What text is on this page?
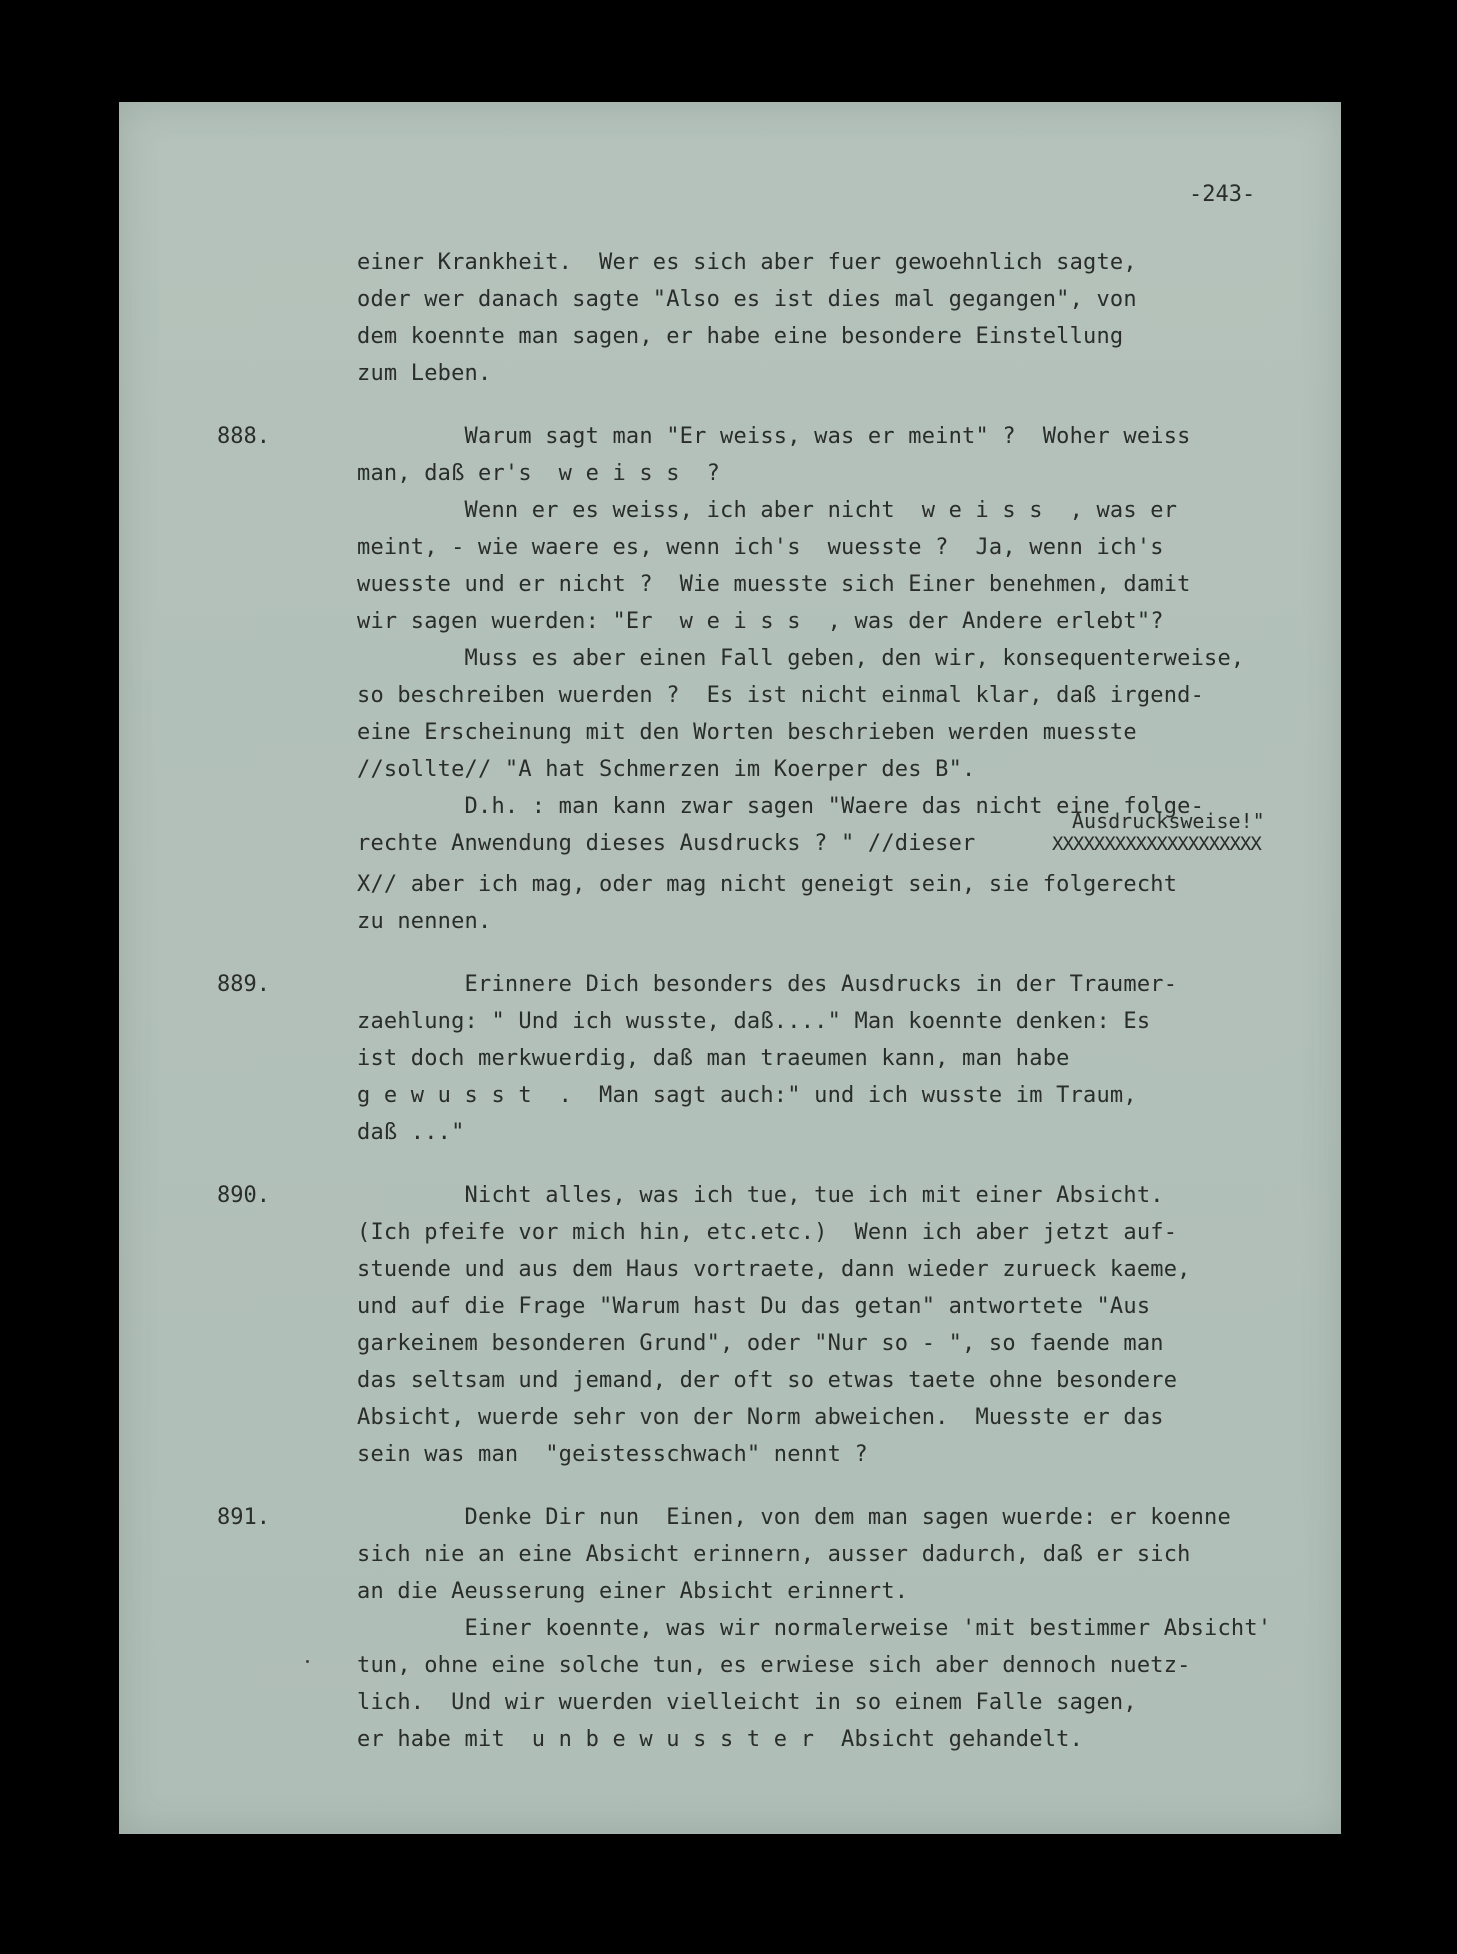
-243-
einer Krankheit.  Wer es sich aber fuer gewoehnlich sagte,
oder wer danach sagte "Also es ist dies mal gegangen", von
dem koennte man sagen, er habe eine besondere Einstellung
zum Leben.
888.	Warum sagt man "Er weiss, was er meint" ?  Woher weiss
man, daß er's  w e i s s  ?
Wenn er es weiss, ich aber nicht  w e i s s  , was er
meint, - wie waere es, wenn ich's  wuesste ?  Ja, wenn ich's
wuesste und er nicht ?  Wie muesste sich Einer benehmen, damit
wir sagen wuerden: "Er  w e i s s  , was der Andere erlebt"?
Muss es aber einen Fall geben, den wir, konsequenterweise,
so beschreiben wuerden ?  Es ist nicht einmal klar, daß irgend-
eine Erscheinung mit den Worten beschrieben werden muesste
//sollte// "A hat Schmerzen im Koerper des B".
D.h. : man kann zwar sagen "Waere das nicht eine folge-
Ausdrucksweise!"
rechte Anwendung dieses Ausdrucks ? " //dieser	XXXXXXXXXXXXXXXXXXXX
X// aber ich mag, oder mag nicht geneigt sein, sie folgerecht
zu nennen.
889.	Erinnere Dich besonders des Ausdrucks in der Traumer-
zaehlung: " Und ich wusste, daß...." Man koennte denken: Es
ist doch merkwuerdig, daß man traeumen kann, man habe
g e w u s s t  .  Man sagt auch:" und ich wusste im Traum,
daß ..."
890.	Nicht alles, was ich tue, tue ich mit einer Absicht.
(Ich pfeife vor mich hin, etc.etc.)  Wenn ich aber jetzt auf-
stuende und aus dem Haus vortraete, dann wieder zurueck kaeme,
und auf die Frage "Warum hast Du das getan" antwortete "Aus
garkeinem besonderen Grund", oder "Nur so - ", so faende man
das seltsam und jemand, der oft so etwas taete ohne besondere
Absicht, wuerde sehr von der Norm abweichen.  Muesste er das
sein was man  "geistesschwach" nennt ?
891.	Denke Dir nun  Einen, von dem man sagen wuerde: er koenne
sich nie an eine Absicht erinnern, ausser dadurch, daß er sich
an die Aeusserung einer Absicht erinnert.
Einer koennte, was wir normalerweise 'mit bestimmer Absicht'
tun, ohne eine solche tun, es erwiese sich aber dennoch nuetz-
lich.  Und wir wuerden vielleicht in so einem Falle sagen,
er habe mit  u n b e w u s s t e r  Absicht gehandelt.
